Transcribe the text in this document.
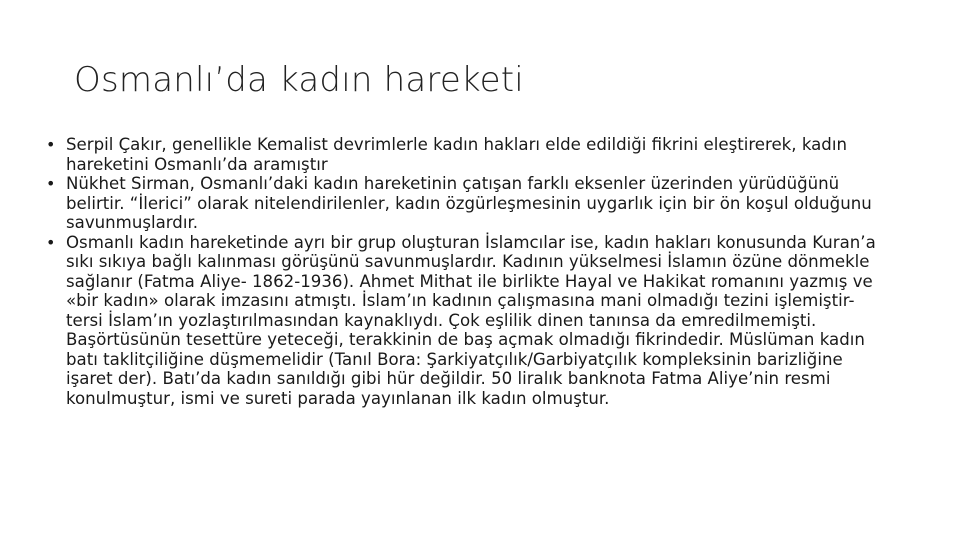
Osmanlı’da kadın hareketi
• Serpil Çakır, genellikle Kemalist devrimlerle kadın hakları elde edildiği fikrini eleştirerek, kadın hareketini Osmanlı’da aramıştır
• Nükhet Sirman, Osmanlı’daki kadın hareketinin çatışan farklı eksenler üzerinden yürüdüğünü belirtir. “İlerici” olarak nitelendirilenler, kadın özgürleşmesinin uygarlık için bir ön koşul olduğunu savunmuşlardır.
• Osmanlı kadın hareketinde ayrı bir grup oluşturan İslamcılar ise, kadın hakları konusunda Kuran’a sıkı sıkıya bağlı kalınması görüşünü savunmuşlardır. Kadının yükselmesi İslamın özüne dönmekle sağlanır (Fatma Aliye- 1862-1936). Ahmet Mithat ile birlikte Hayal ve Hakikat romanını yazmış ve «bir kadın» olarak imzasını atmıştı. İslam’ın kadının çalışmasına mani olmadığı tezini işlemiştir- tersi İslam’ın yozlaştırılmasından kaynaklıydı. Çok eşlilik dinen tanınsa da emredilmemişti. Başörtüsünün tesettüre yeteceği, terakkinin de baş açmak olmadığı fikrindedir. Müslüman kadın batı taklitçiliğine düşmemelidir (Tanıl Bora: Şarkiyatçılık/Garbiyatçılık kompleksinin barizliğine işaret der). Batı’da kadın sanıldığı gibi hür değildir. 50 liralık banknota Fatma Aliye’nin resmi konulmuştur, ismi ve sureti parada yayınlanan ilk kadın olmuştur.
